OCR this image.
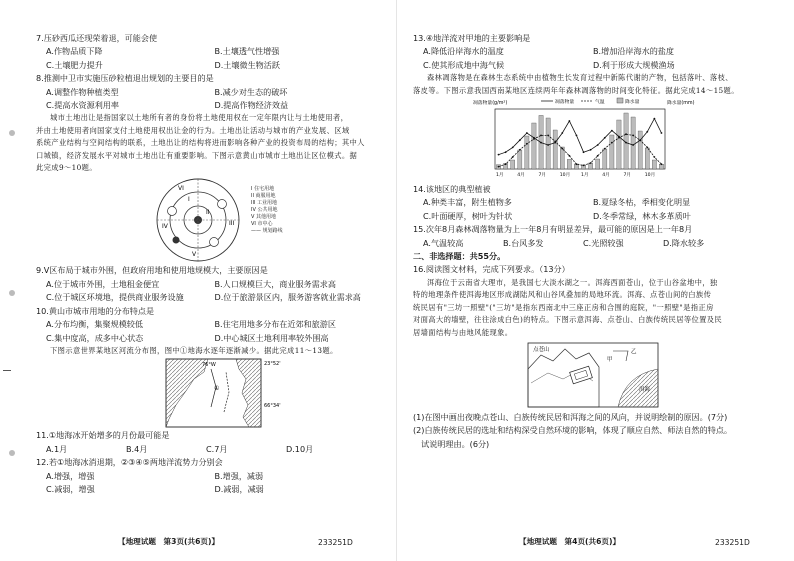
7.压砂西瓜还现荣着退，可能会使
A.作物品质下降	B.土壤透气性增强
C.土壤肥力提升	D.土壤微生物活跃
8.推测中卫市实施压砂粒植退出规划的主要目的是
A.调整作物种植类型	B.减少对生态的破坏
C.提高水资源利用率	D.提高作物经济效益
城市土地出让是指国家以土地所有者的身份将土地使用权在一定年限内让与土地使用者，
并由土地使用者向国家支付土地使用权出让金的行为。土地出让活动与城市的产业发展、区域
系统产业结构与空间结构的联系，土地出让的结构将进而影响各种产业的投资布局的结构；其中人
口城镇，经济发展水平对城市土地出让有重要影响。下图示意黄山市城市土地出让区位模式。据
此完成9～10题。
I
II
III
IV
V
VI	I 住宅用地
II 商服用地
III 工业用地
IV 公共用地
V 其他用地
VI 市中心
—— 规划路线
9.V区布局于城市外围，但政府用地和使用地规模大，主要原因是
A.位于城市外围，土地租金便宜	B.人口规模巨大，商业服务需求高
C.位于城区环境地，提供商业服务设施	D.位于旅游景区内，服务游客就业需求高
10.黄山市城市用地的分布特点是
A.分布均衡，集聚规模较低	B.住宅用地多分布在近郊和旅游区
C.集中度高，成多中心状态	D.中心城区土地利用率较外围高
下图示意世界某地区河流分布图，图中①地海水逐年逐渐减少。据此完成11～13题。
①
76°W	23°52'
66°34'
11.①地海冰开始增多的月份最可能是
A.1月	B.4月	C.7月	D.10月
12.若①地海冰消退期，②③④⑤两地洋流势力分别会
A.增强，增强	B.增强，减弱
C.减弱，增强	D.减弱，减弱
【地理试题　第3页(共6页)】	233251D
13.④地洋流对甲地的主要影响是
A.降低沿岸海水的温度	B.增加沿岸海水的盐度
C.使其形成地中海气候	D.利于形成大规模渔场
森林凋落物是在森林生态系统中由植物生长发育过程中新陈代谢的产物，包括落叶、落枝、
落皮等。下图示意我国西南某地区连续两年年森林凋落物的时间变化特征。据此完成14～15题。
凋落物量(g/m²)	降水量(mm)
凋落物量	气温	降水量
1月	4月	7月	10月 1月	4月	7月	10月
14.该地区的典型植被
A.种类丰富，附生植物多	B.夏绿冬枯，季相变化明显
C.叶面硬厚，树叶为针状	D.冬季常绿，林木多革质叶
15.次年8月森林凋落物量为上一年8月有明显差异，最可能的原因是上一年8月
A.气温较高	B.台风多发	C.光照较强	D.降水较多
二、非选择题：共55分。
16.阅读图文材料，完成下列要求。（13分）
洱海位于云南省大理市，是我国七大淡水湖之一。洱海西面苍山，位于山谷盆地中，独
特的地理条件使洱海地区形成湖陆风和山谷风叠加的局地环流。洱海、点苍山间的白族传
统民居有"三坊一照壁"("三坊"是指东西南北中三座正房和合围的庭院，"一照壁"是指正房
对面高大的墙壁，往往涂成白色)的特点。下图示意洱海、点苍山、白族传统民居等位置及民
居墙面结构与由地风能现象。
点苍山
洱海
甲
乙
(1)在图中画出夜晚点苍山、白族传统民居和洱海之间的风向，并说明绘制的原因。(7分)
(2)白族传统民居的选址和结构深受自然环境的影响，体现了顺应自然、师法自然的特点。
　试说明理由。(6分)
【地理试题　第4页(共6页)】	233251D
